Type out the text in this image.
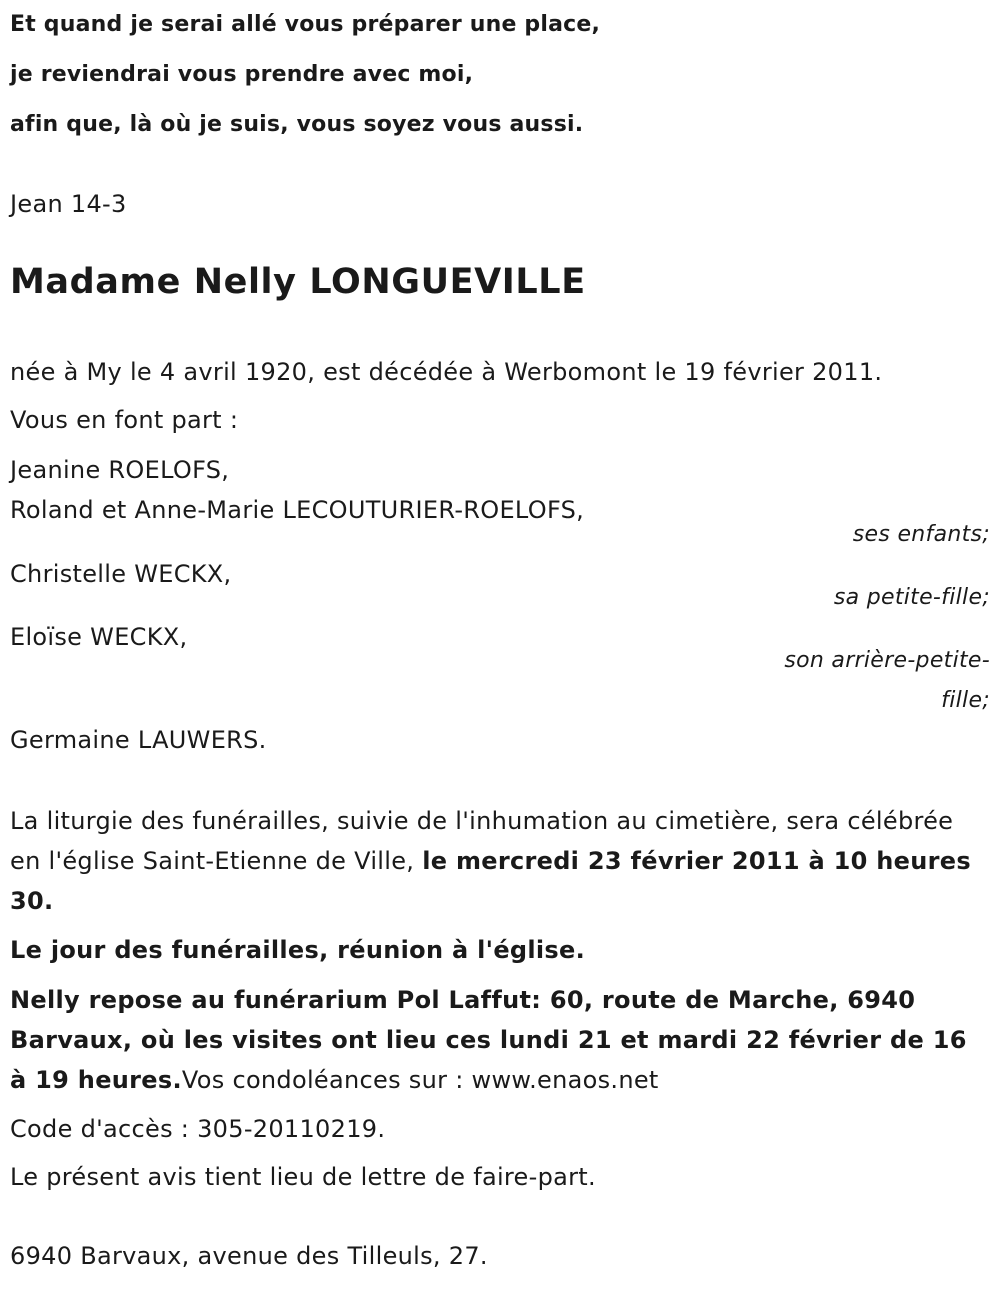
Et quand je serai allé vous préparer une place,
je reviendrai vous prendre avec moi,
afin que, là où je suis, vous soyez vous aussi.
Jean 14-3
Madame Nelly LONGUEVILLE
née à My le 4 avril 1920, est décédée à Werbomont le 19 février 2011.
Vous en font part :
Jeanine ROELOFS,
Roland et Anne-Marie LECOUTURIER-ROELOFS,
ses enfants;
Christelle WECKX,
sa petite-fille;
Eloïse WECKX,
son arrière-petite-
fille;
Germaine LAUWERS.
La liturgie des funérailles, suivie de l'inhumation au cimetière, sera célébrée en l'église Saint-Etienne de Ville, le mercredi 23 février 2011 à 10 heures 30.
Le jour des funérailles, réunion à l'église.
Nelly repose au funérarium Pol Laffut: 60, route de Marche, 6940 Barvaux, où les visites ont lieu ces lundi 21 et mardi 22 février de 16 à 19 heures.Vos condoléances sur : www.enaos.net
Code d'accès : 305-20110219.
Le présent avis tient lieu de lettre de faire-part.
6940 Barvaux, avenue des Tilleuls, 27.
